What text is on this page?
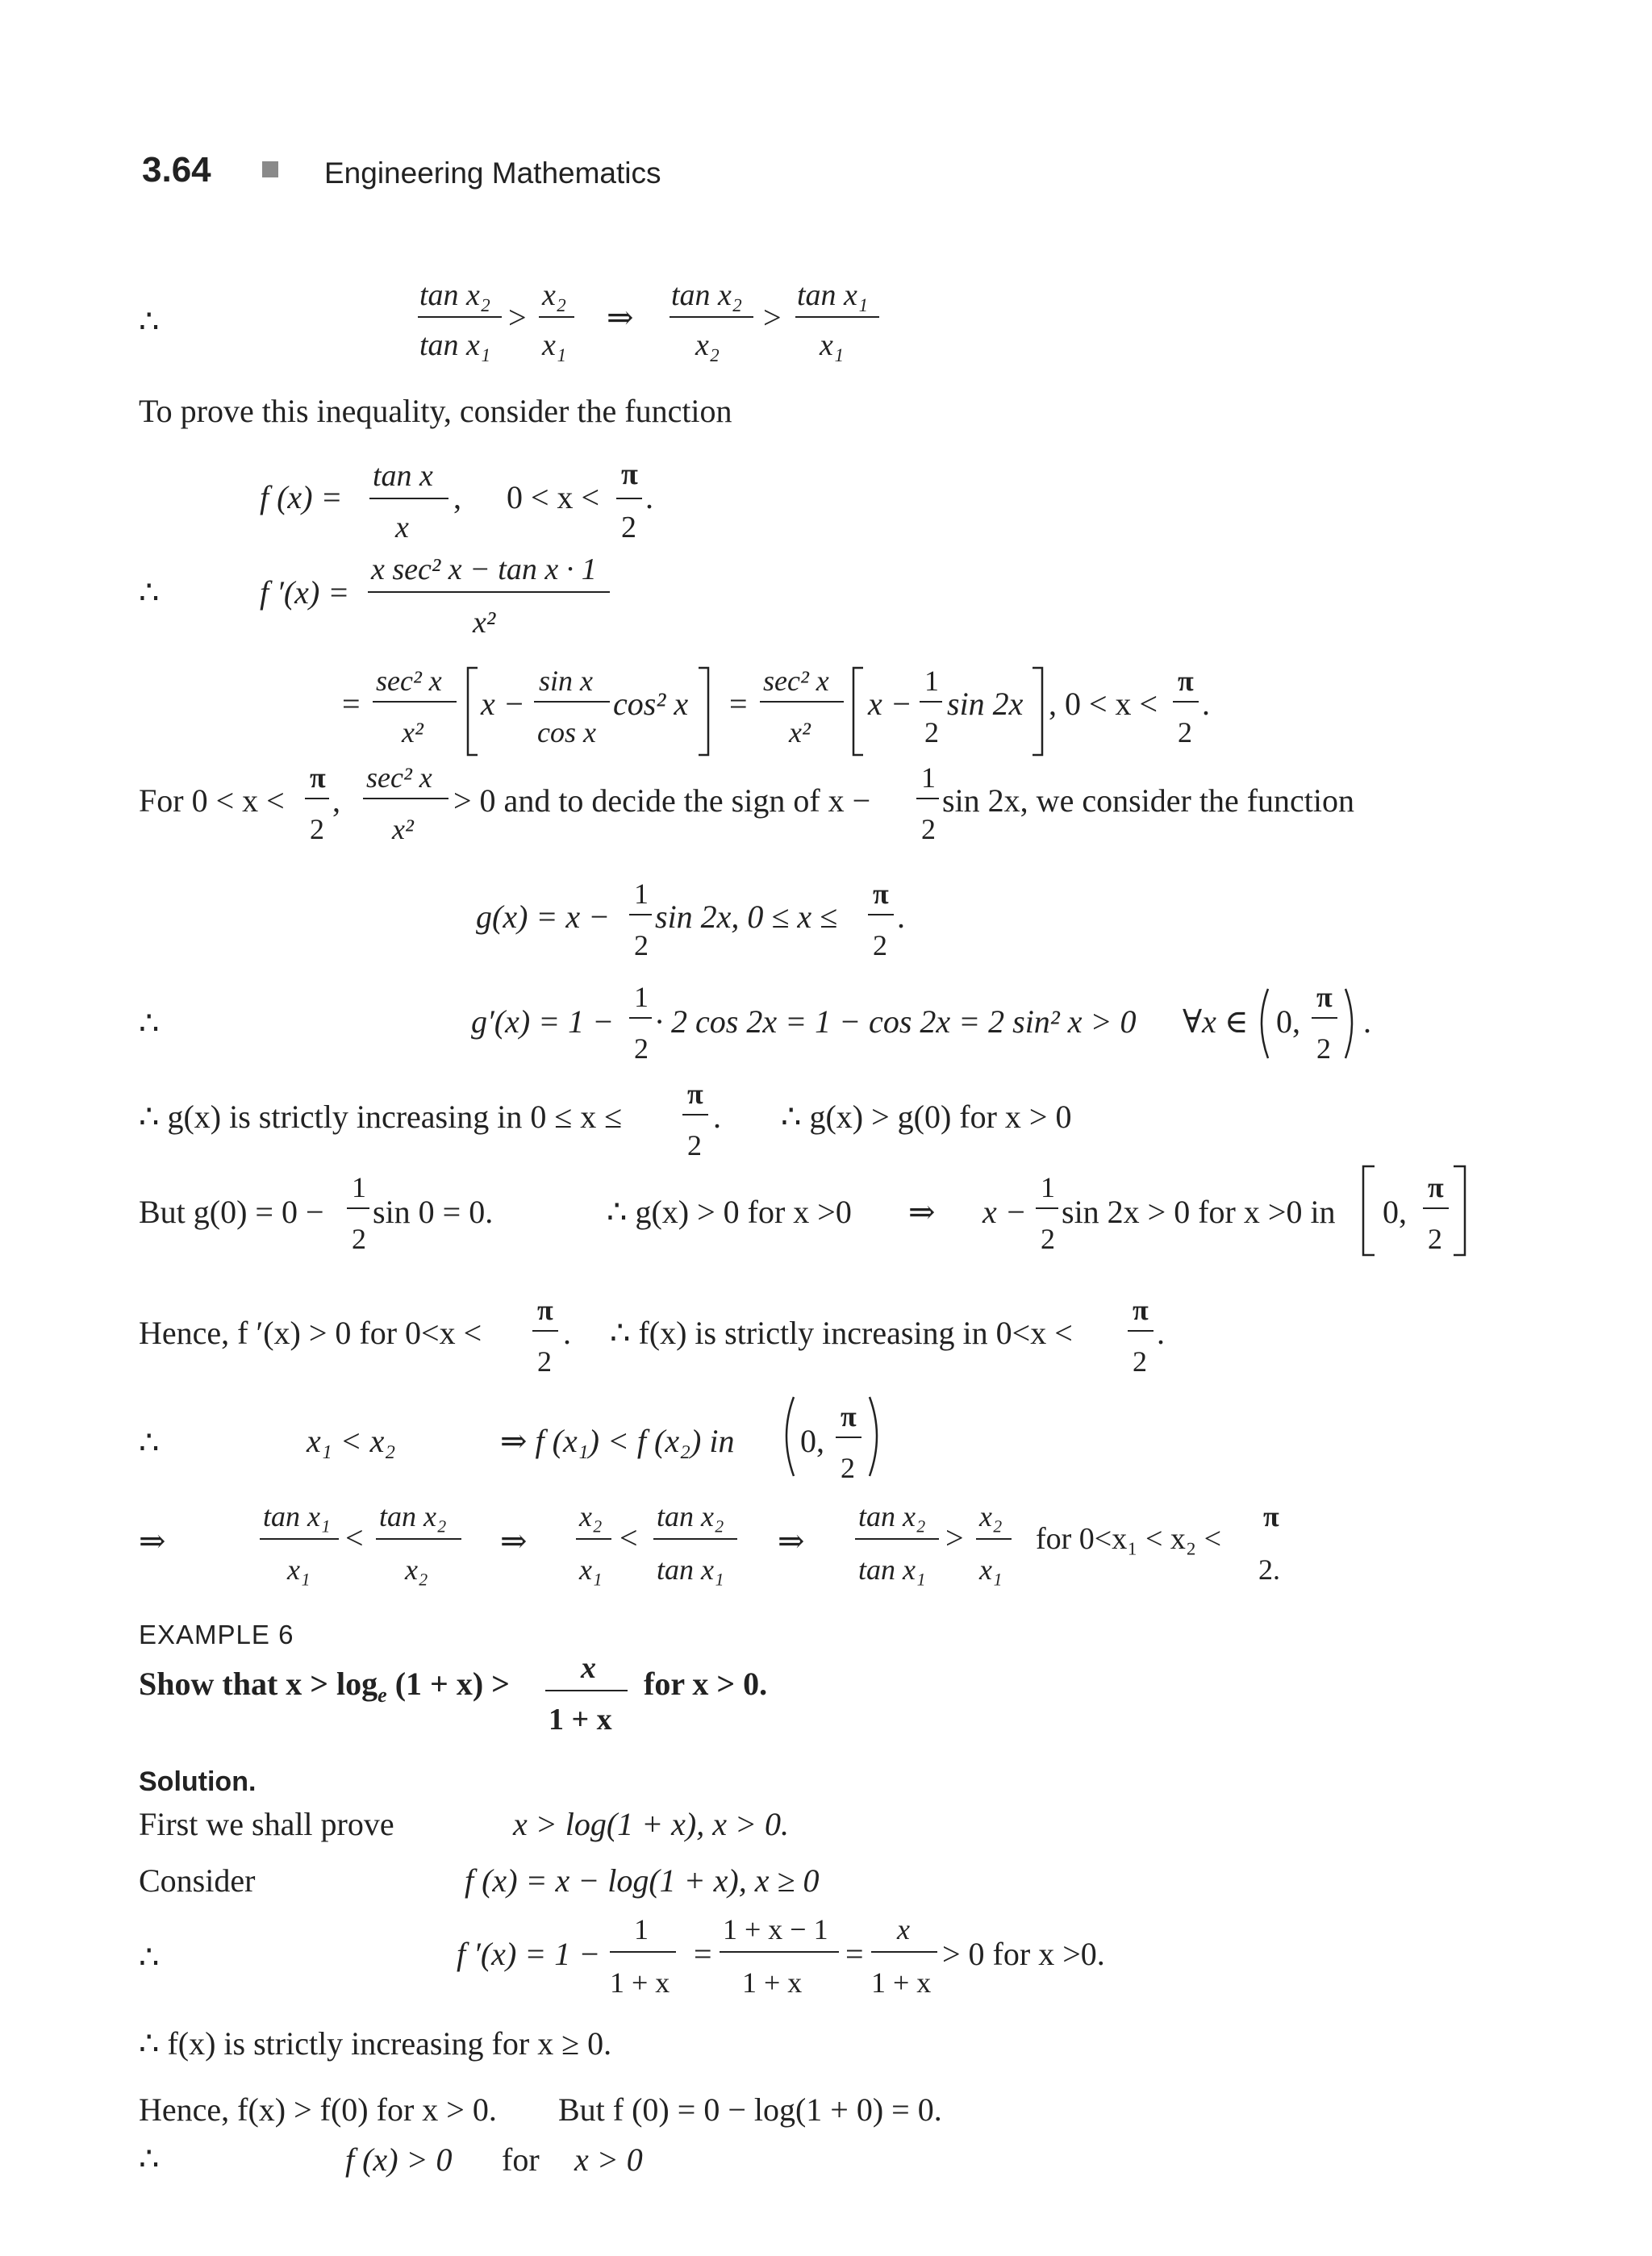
3.64	Engineering Mathematics
∴
tan x₂
tan x₁
>
x₂
x₁
⇒
tan x₂
x₂
>
tan x₁
x₁
f (x) =
tan x
x
, 0 < x <
π
2
.
∴	f ′(x) =
x sec² x − tan x · 1
x²
=
sec² x
x²
x −
sin x
cos x
cos² x =
sec² x
x²
x −
1
2
sin 2x , 0 < x <
π
2
.
For 0 < x <
π
2
,
sec² x
x²
> 0 and to decide the sign of x −
1
2
sin 2x, we consider the function
g(x) = x −
1
2
sin 2x, 0 ≤ x ≤
π
2
.
∴	g′(x) = 1 −
1
2
· 2 cos 2x = 1 − cos 2x = 2 sin² x > 0 ∀x ∈ 0,
π
2
.
∴ g(x) is strictly increasing in 0 ≤ x ≤
π
2
. ∴ g(x) > g(0) for x > 0
But g(0) = 0 −
1
2
sin 0 = 0.	∴ g(x) > 0 for x >0 ⇒ x −
1
2
sin 2x > 0 for x >0 in 0,
π
2
Hence, f ′(x) > 0 for 0<x <
π
2
. ∴ f(x) is strictly increasing in 0<x <
π
2
.
∴	x₁ < x₂	⇒ f (x₁) < f (x₂) in 0,
π
2
⇒
tan x₁
x₁
<
tan x₂
x₂
⇒
x₂
x₁
<
tan x₂
tan x₁
⇒
tan x₂
tan x₁
>
x₂
x₁
for 0<x₁ < x₂ <
π
2.
x
1 + x
∴	f ′(x) = 1 −
1
1 + x
=
1 + x − 1
1 + x
=
x
1 + x
> 0 for x >0.
∴
To prove this inequality, consider the function
EXAMPLE 6
Show that $x > \log_e (1 + x)$ >	for x > 0.
Solution.
First we shall prove	x > log(1 + x), x > 0.
Consider	f (x) = x − log(1 + x), x ≥ 0
∴ f(x) is strictly increasing for x ≥ 0.
Hence, f(x) > f(0) for x > 0. But f (0) = 0 − log(1 + 0) = 0.
f (x) > 0 for x > 0
